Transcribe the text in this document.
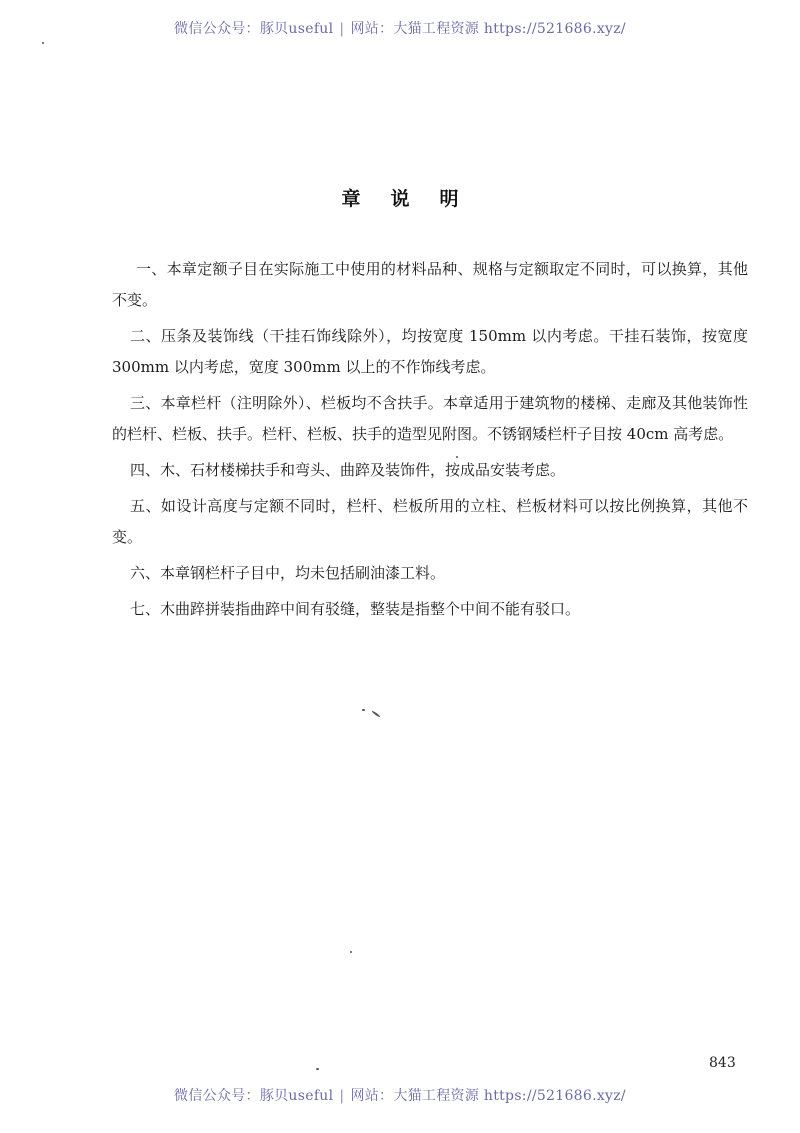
微信公众号：豚贝useful | 网站：大猫工程资源 https://521686.xyz/
章说明

一、本章定额子目在实际施工中使用的材料品种、规格与定额取定不同时，可以换算，其他不变。

二、压条及装饰线（干挂石饰线除外），均按宽度 150mm 以内考虑。干挂石装饰，按宽度 300mm 以内考虑，宽度 300mm 以上的不作饰线考虑。

三、本章栏杆（注明除外）、栏板均不含扶手。本章适用于建筑物的楼梯、走廊及其他装饰性的栏杆、栏板、扶手。栏杆、栏板、扶手的造型见附图。不锈钢矮栏杆子目按 40cm 高考虑。

四、木、石材楼梯扶手和弯头、曲踤及装饰件，按成品安装考虑。

五、如设计高度与定额不同时，栏杆、栏板所用的立柱、栏板材料可以按比例换算，其他不变。

六、本章钢栏杆子目中，均未包括刷油漆工料。

七、木曲踤拼装指曲踤中间有驳缝，整装是指整个中间不能有驳口。

843
微信公众号：豚贝useful | 网站：大猫工程资源 https://521686.xyz/
